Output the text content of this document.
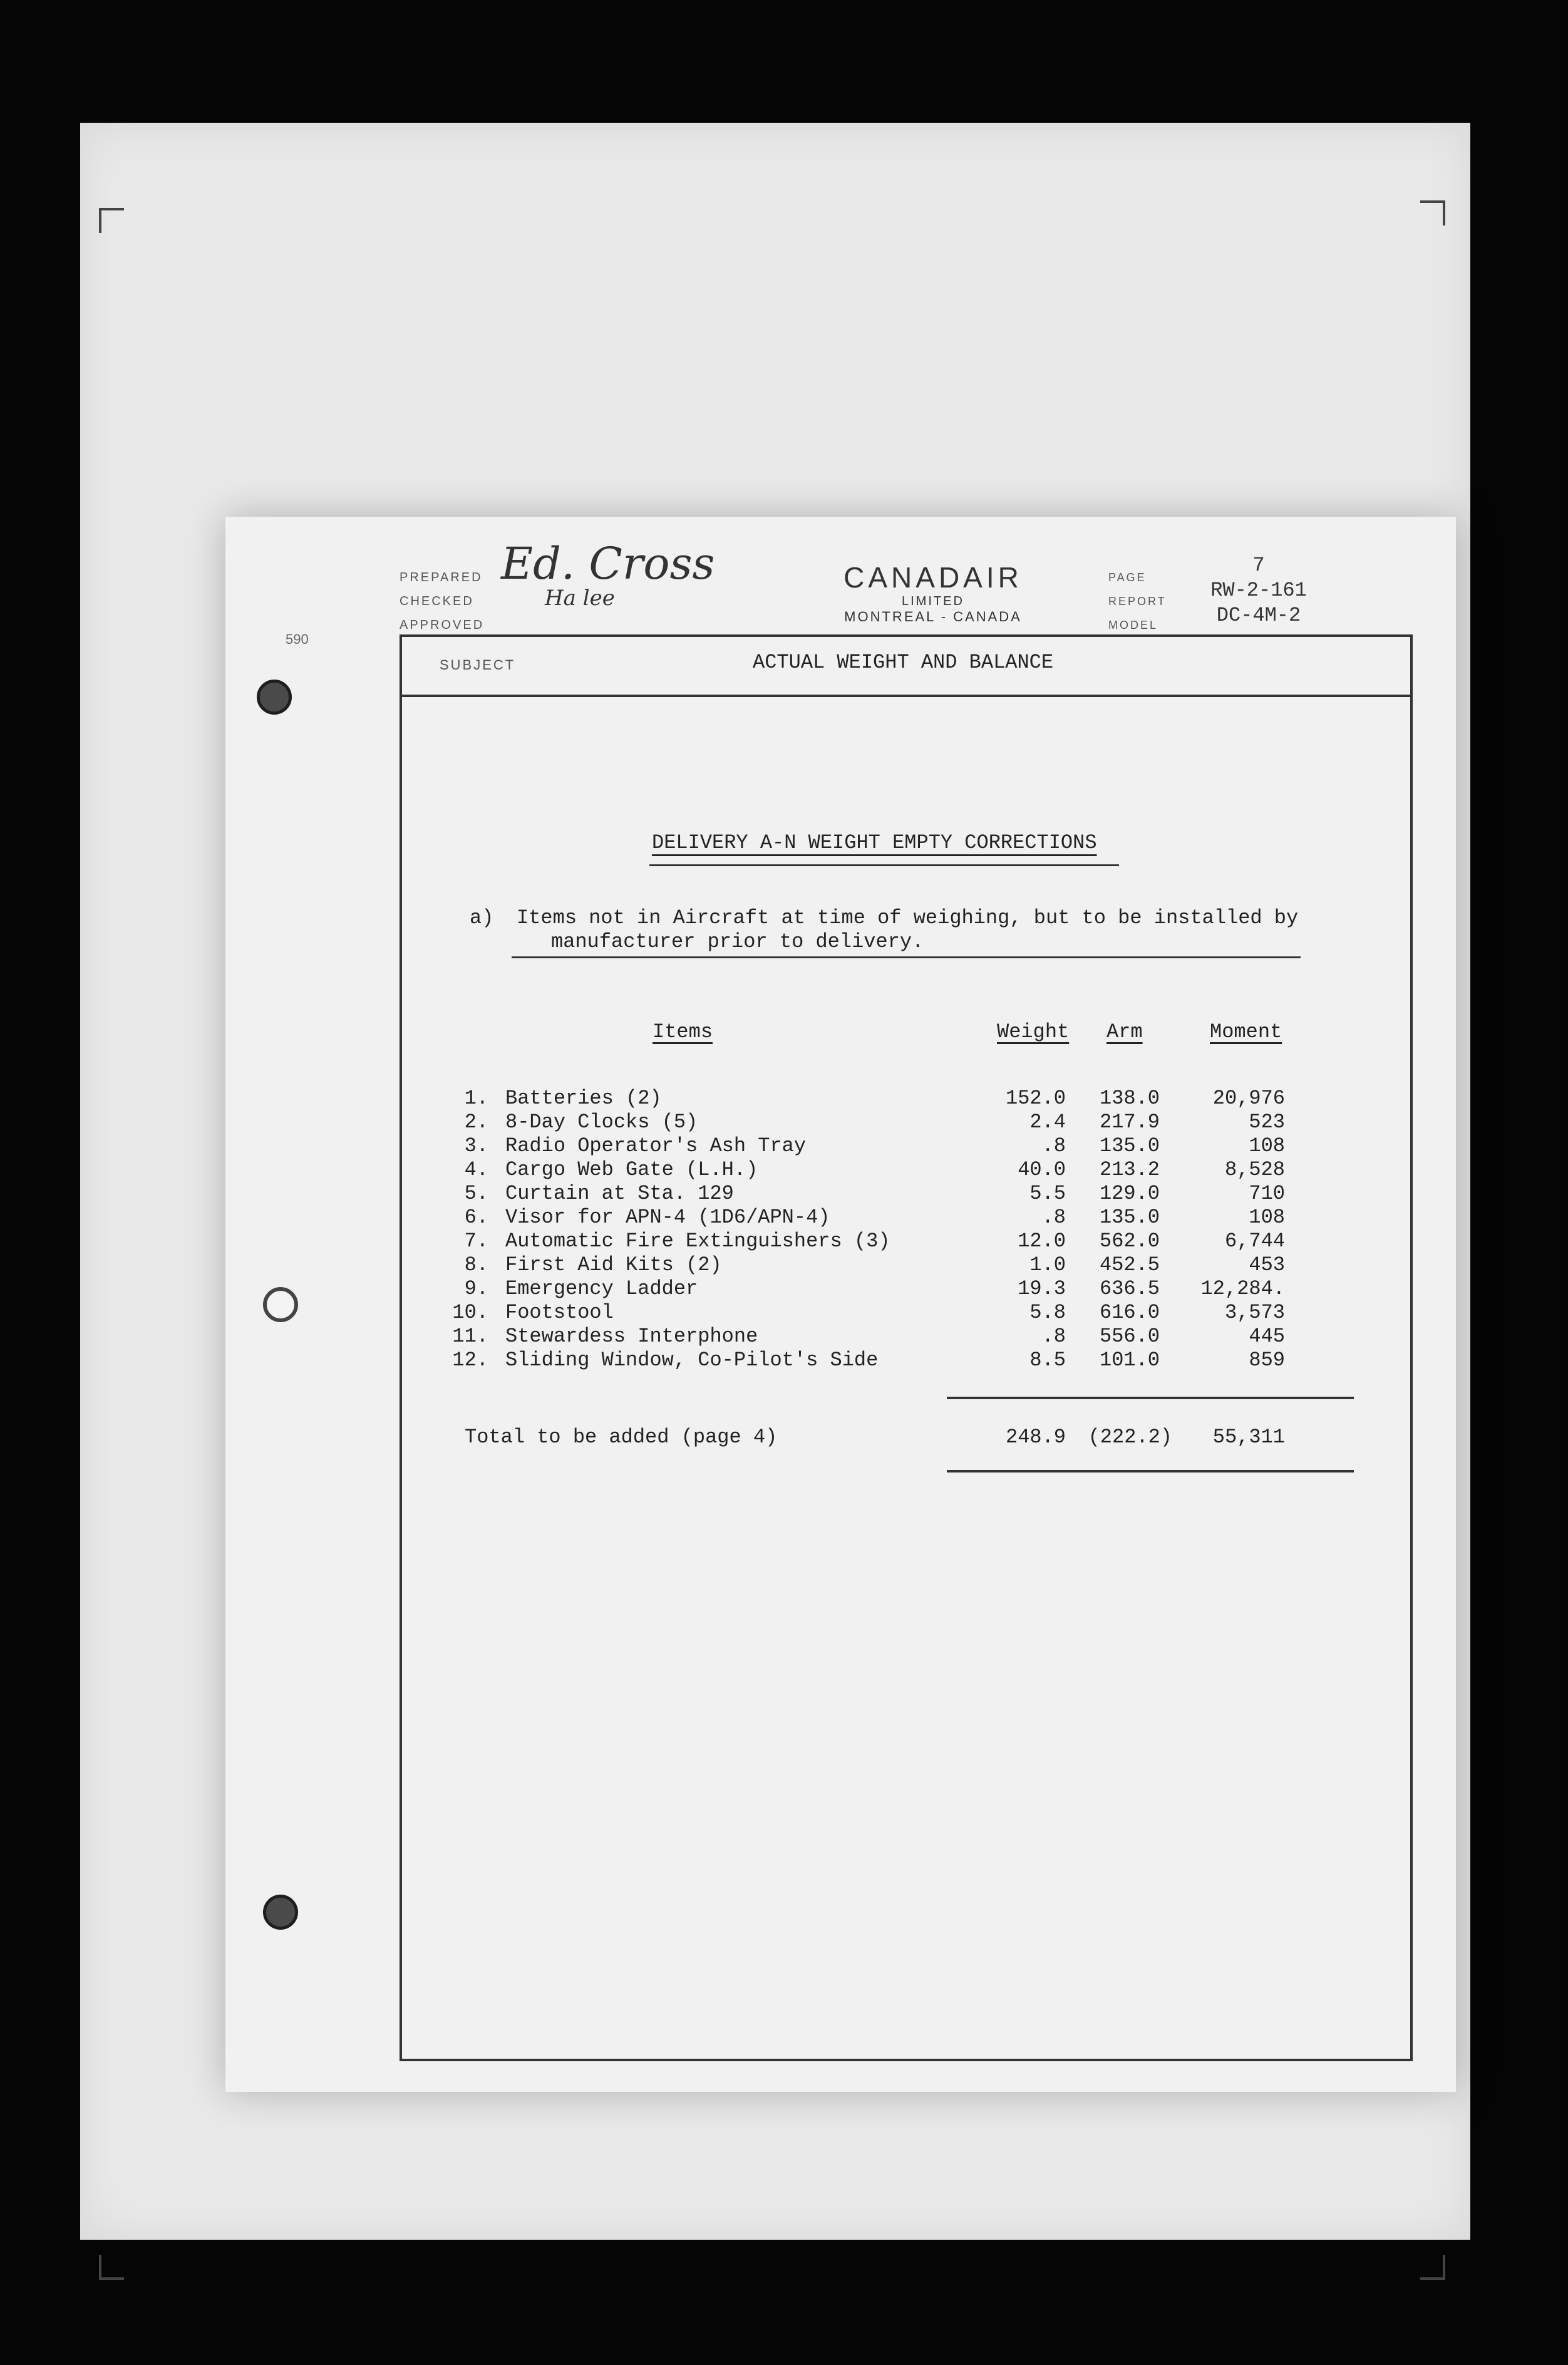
590
PREPARED
CHECKED
APPROVED
Ed. Cross
Ha lee
CANADAIR
LIMITED
MONTREAL - CANADA
PAGE
REPORT
MODEL
7
RW-2-161
DC-4M-2
SUBJECT	ACTUAL WEIGHT AND BALANCE
DELIVERY A-N WEIGHT EMPTY CORRECTIONS
a) Items not in Aircraft at time of weighing, but to be installed by
manufacturer prior to delivery.
Items	Weight Arm	Moment
1. Batteries (2)	152.0	138.0	20,976
2. 8-Day Clocks (5)	2.4	217.9	523
3. Radio Operator's Ash Tray	.8	135.0	108
4. Cargo Web Gate (L.H.)	40.0	213.2	8,528
5. Curtain at Sta. 129	5.5	129.0	710
6. Visor for APN-4 (1D6/APN-4)	.8	135.0	108
7. Automatic Fire Extinguishers (3)	12.0	562.0	6,744
8. First Aid Kits (2)	1.0	452.5	453
9. Emergency Ladder	19.3	636.5	12,284.
10. Footstool	5.8	616.0	3,573
11. Stewardess Interphone	.8	556.0	445
12. Sliding Window, Co-Pilot's Side	8.5	101.0	859
Total to be added (page 4)	248.9	(222.2)	55,311
